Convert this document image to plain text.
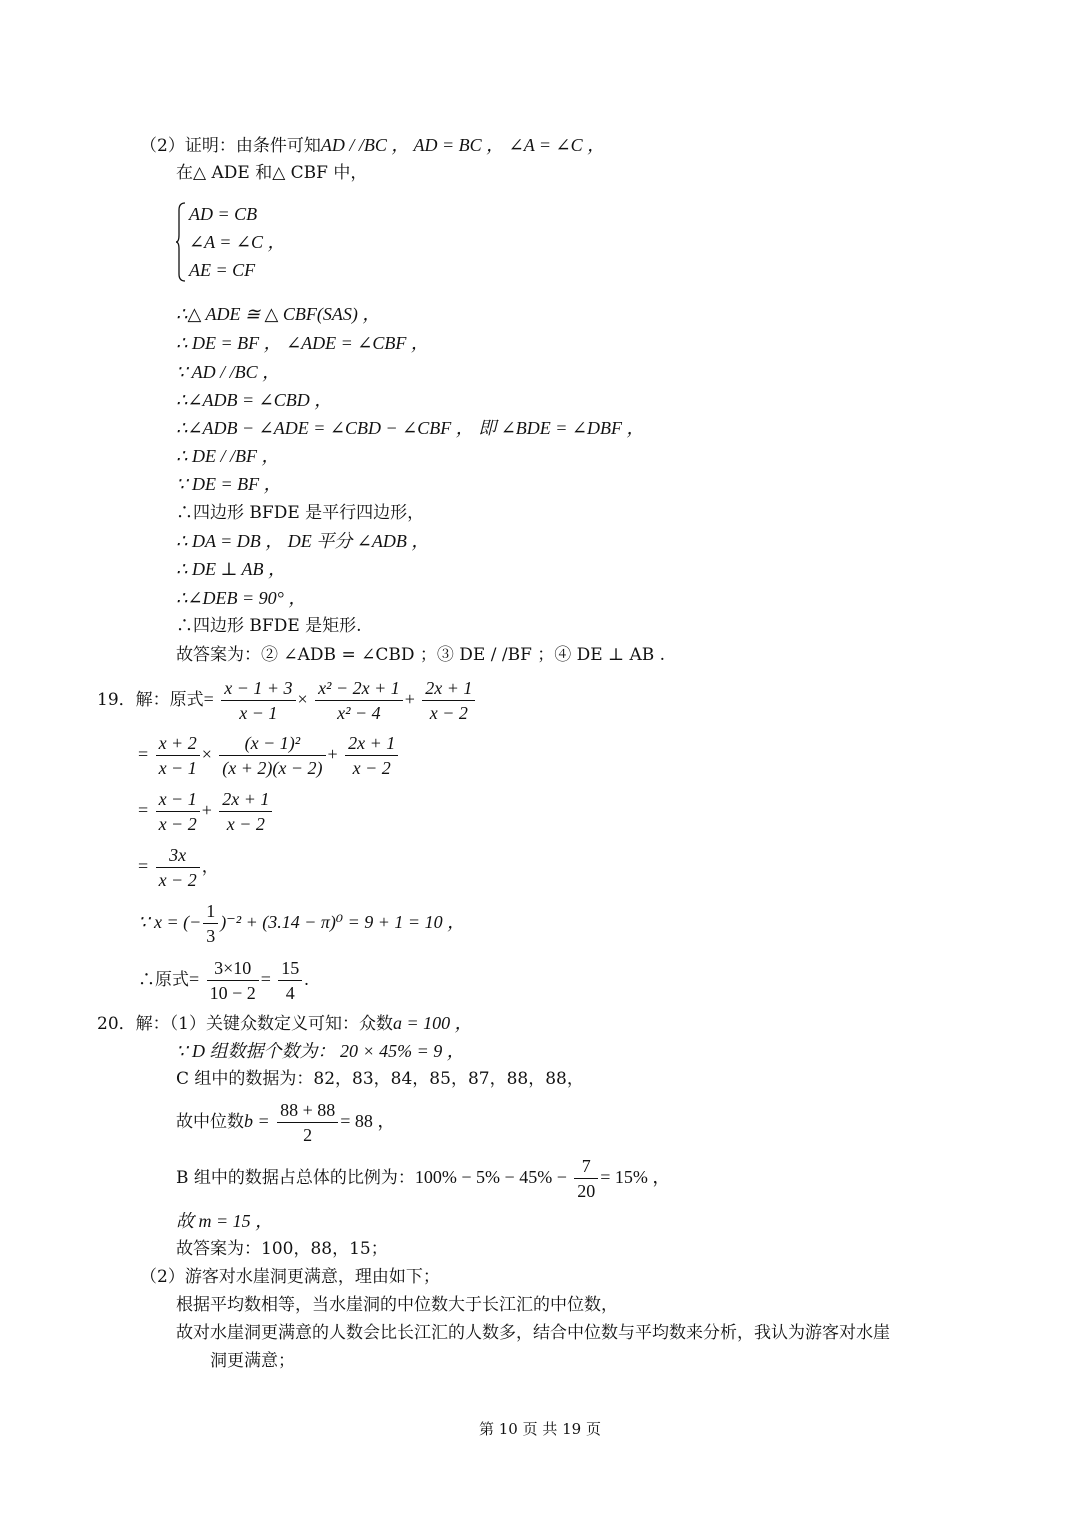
（2）证明：由条件可知AD / /BC ， AD = BC ， ∠A = ∠C ，
在△ ADE 和△ CBF 中，
AD = CB
∠A = ∠C ，
AE = CF
∴△ ADE ≅ △ CBF(SAS) ，
∴ DE = BF ， ∠ADE = ∠CBF ，
∵ AD / /BC ，
∴∠ADB = ∠CBD ，
∴∠ADB − ∠ADE = ∠CBD − ∠CBF ， 即 ∠BDE = ∠DBF ，
∴ DE / /BF ，
∵ DE = BF ，
∴四边形 BFDE 是平行四边形，
∴ DA = DB ， DE 平分 ∠ADB ，
∴ DE ⊥ AB ，
∴∠DEB = 90° ，
∴四边形 BFDE 是矩形.
故答案为：② ∠ADB = ∠CBD ；③ DE / /BF ；④ DE ⊥ AB .
19．解：原式= $\frac{x - 1 + 3}{x - 1} \times \frac{\text{x² − 2x + 1}}{\text{x² − 4}} + \frac{2x + 1}{x - 2}$
= $\frac{x + 2}{x - 1} \times \frac{\text{(x − 1)²}}{(x + 2)(x - 2)} + \frac{2x + 1}{x - 2}$
= $\frac{x - 1}{x - 2} + \frac{2x + 1}{x - 2}$
= $\frac{3x}{x - 2}$ ，
∵ x = (− $\frac{1}{3} )^{-2} + (3.14 - \pi)^0 = 9 + 1 = 10$ ，
∴原式= $\frac{3\times 10}{10 - 2} = \frac{15}{4}$ .
20．解：（1）关键众数定义可知：众数a = 100 ，
∵ D 组数据个数为： 20 × 45% = 9 ，
C 组中的数据为：82，83，84，85，87，88，88，
故中位数$b = \frac{88 + 88}{2} = 88$ ，
B 组中的数据占总体的比例为：$100\% - 5\% - 45\% - \frac{7}{20} = 15\%$ ，
故 m = 15 ，
故答案为：100，88，15；
（2）游客对水崖洞更满意，理由如下；
根据平均数相等，当水崖洞的中位数大于长江汇的中位数，
故对水崖洞更满意的人数会比长江汇的人数多，结合中位数与平均数来分析，我认为游客对水崖
洞更满意；
第 10 页 共 19 页
